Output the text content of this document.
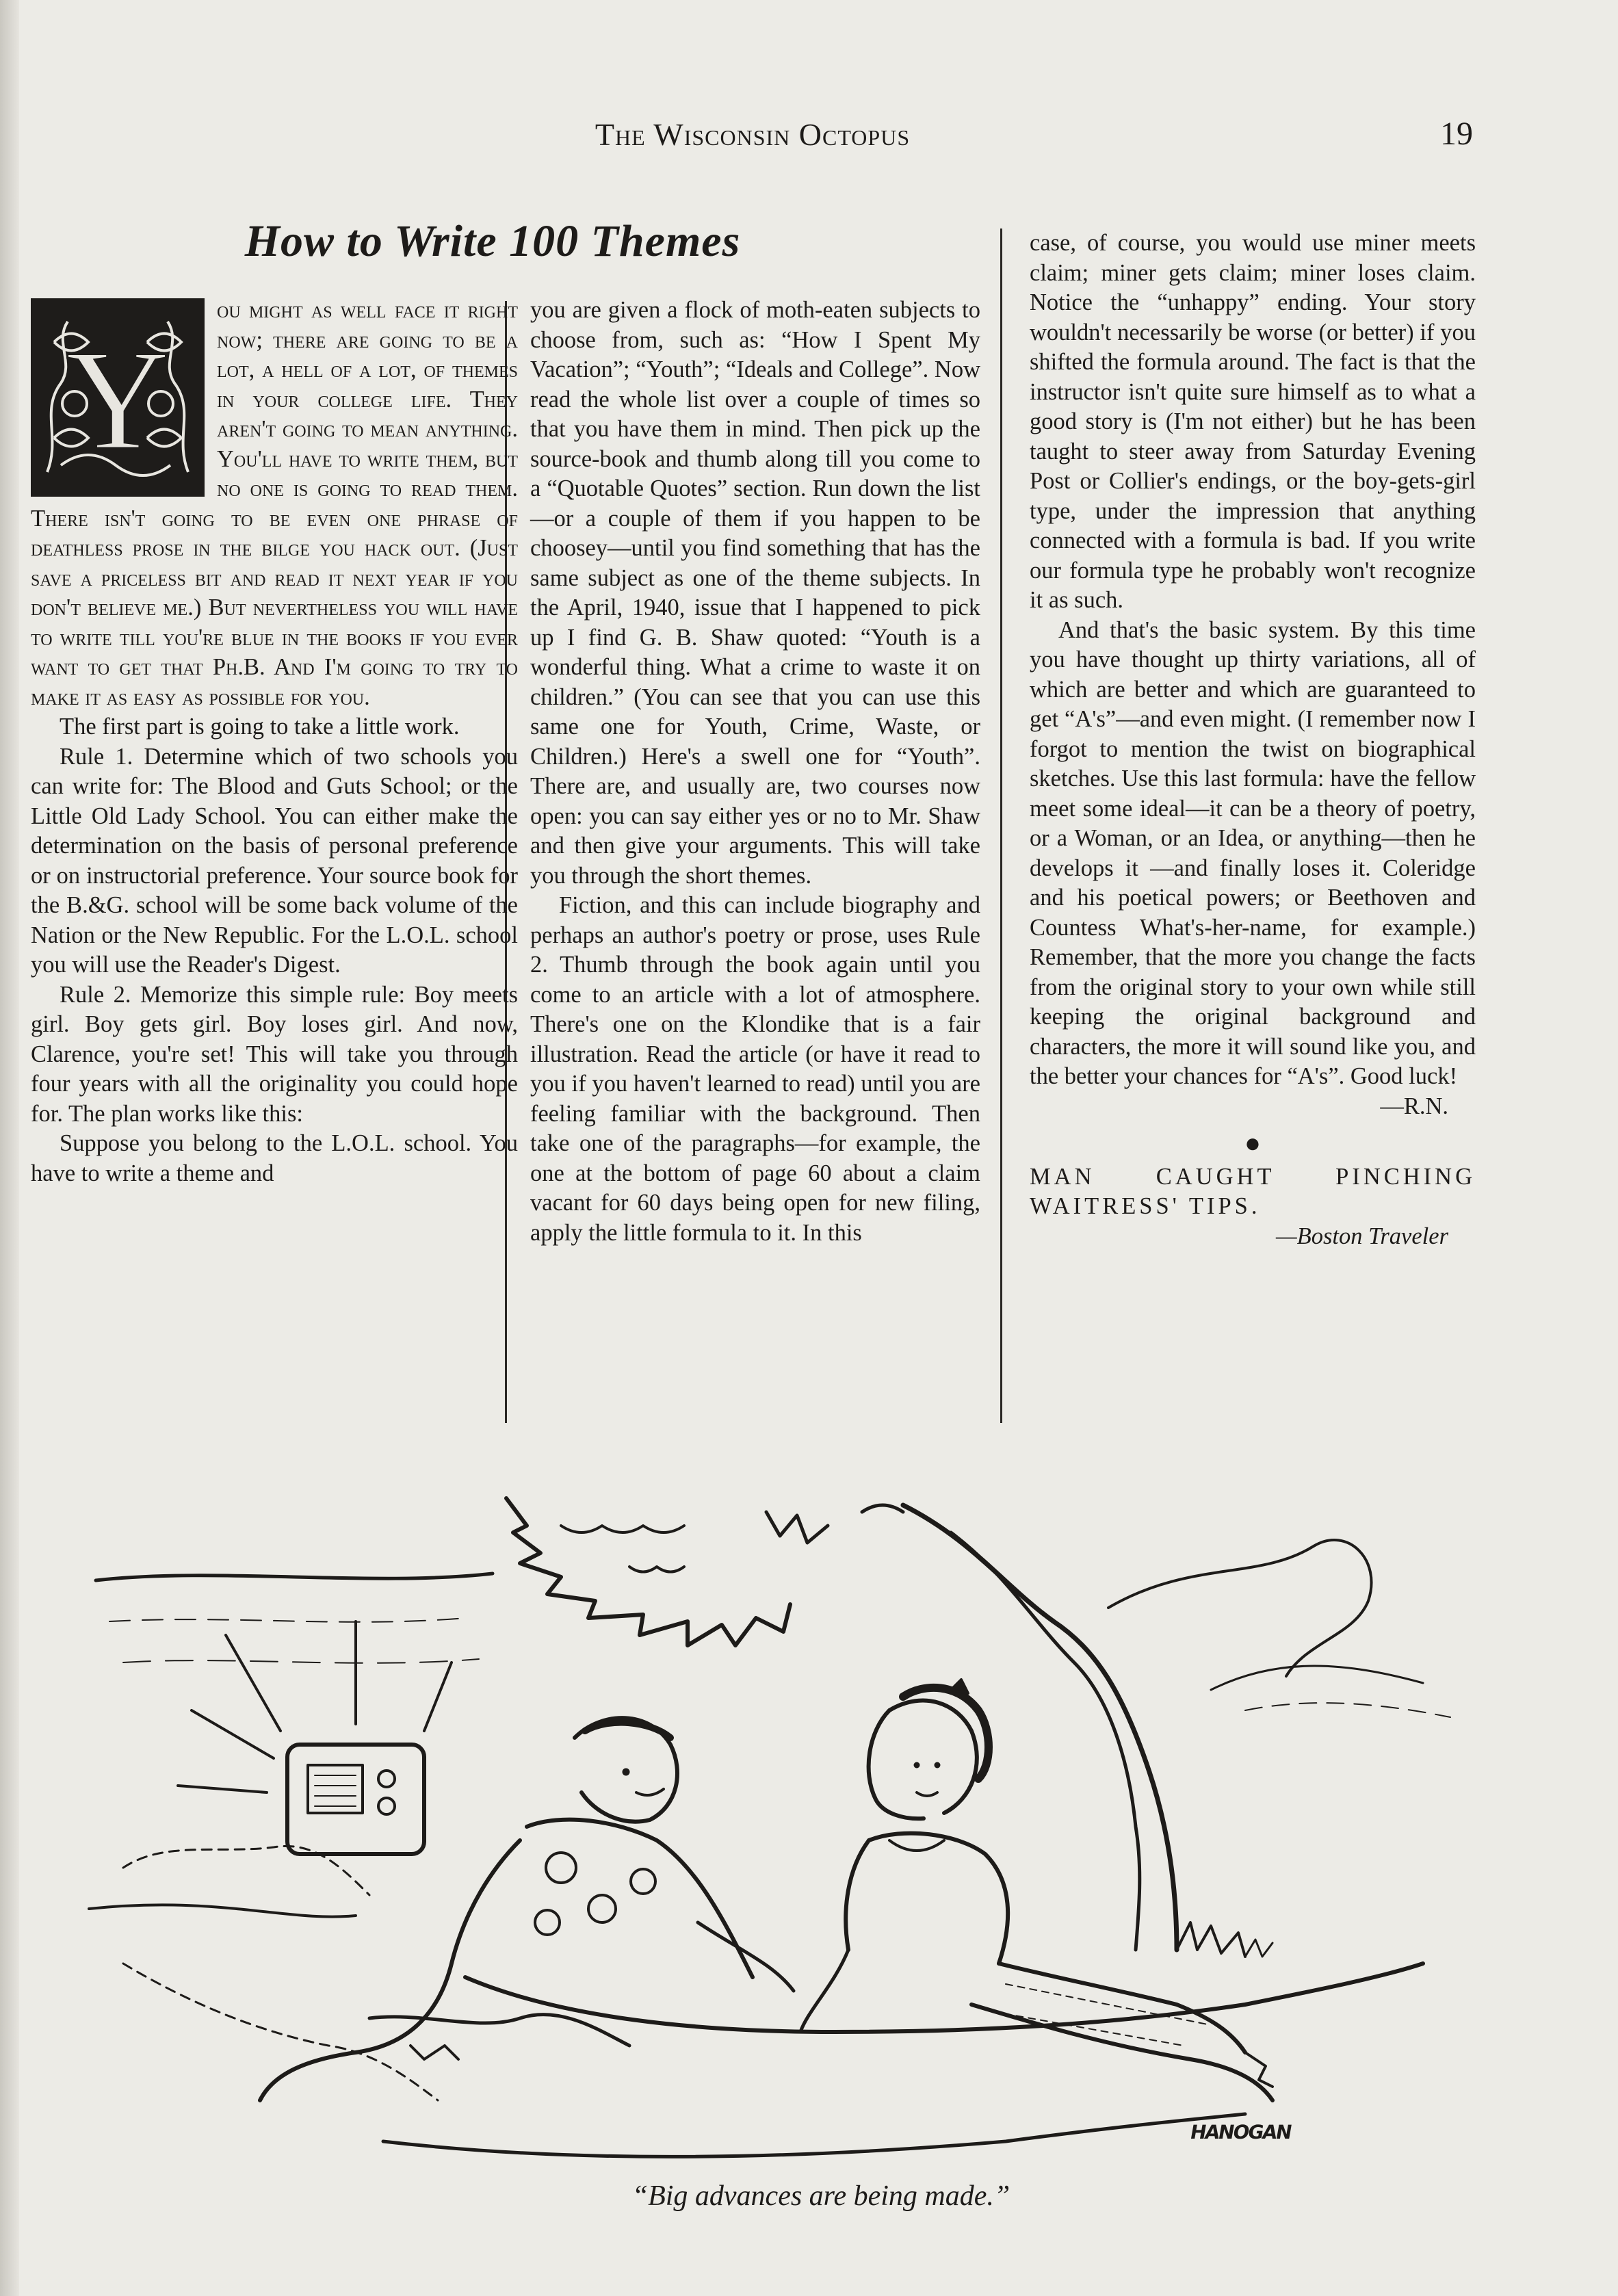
The Wisconsin Octopus	19
How to Write 100 Themes
Y

ou might as well face it right now; there are going to be a lot, a hell of a lot, of themes in your college life. They aren't going to mean anything. You'll have to write them, but no one is going to read them. There isn't going to be even one phrase of deathless prose in the bilge you hack out. (Just save a priceless bit and read it next year if you don't believe me.) But nevertheless you will have to write till you're blue in the books if you ever want to get that Ph.B. And I'm going to try to make it as easy as possible for you.

The first part is going to take a little work.

Rule 1. Determine which of two schools you can write for: The Blood and Guts School; or the Little Old Lady School. You can either make the determination on the basis of personal preference or on instructorial preference. Your source book for the B.&G. school will be some back volume of the Nation or the New Republic. For the L.O.L. school you will use the Reader's Digest.

Rule 2. Memorize this simple rule: Boy meets girl. Boy gets girl. Boy loses girl. And now, Clarence, you're set! This will take you through four years with all the originality you could hope for. The plan works like this:

Suppose you belong to the L.O.L. school. You have to write a theme and

you are given a flock of moth-eaten subjects to choose from, such as: “How I Spent My Vacation”; “Youth”; “Ideals and College”. Now read the whole list over a couple of times so that you have them in mind. Then pick up the source-book and thumb along till you come to a “Quotable Quotes” section. Run down the list—or a couple of them if you happen to be choosey—until you find something that has the same subject as one of the theme subjects. In the April, 1940, issue that I happened to pick up I find G. B. Shaw quoted: “Youth is a wonderful thing. What a crime to waste it on children.” (You can see that you can use this same one for Youth, Crime, Waste, or Children.) Here's a swell one for “Youth”. There are, and usually are, two courses now open: you can say either yes or no to Mr. Shaw and then give your arguments. This will take you through the short themes.

Fiction, and this can include biography and perhaps an author's poetry or prose, uses Rule 2. Thumb through the book again until you come to an article with a lot of atmosphere. There's one on the Klondike that is a fair illustration. Read the article (or have it read to you if you haven't learned to read) until you are feeling familiar with the background. Then take one of the paragraphs—for example, the one at the bottom of page 60 about a claim vacant for 60 days being open for new filing, apply the little formula to it. In this

case, of course, you would use miner meets claim; miner gets claim; miner loses claim. Notice the “unhappy” ending. Your story wouldn't necessarily be worse (or better) if you shifted the formula around. The fact is that the instructor isn't quite sure himself as to what a good story is (I'm not either) but he has been taught to steer away from Saturday Evening Post or Collier's endings, or the boy-gets-girl type, under the impression that anything connected with a formula is bad. If you write our formula type he probably won't recognize it as such.

And that's the basic system. By this time you have thought up thirty variations, all of which are better and which are guaranteed to get “A's”—and even might. (I remember now I forgot to mention the twist on biographical sketches. Use this last formula: have the fellow meet some ideal—it can be a theory of poetry, or a Woman, or an Idea, or anything—then he develops it —and finally loses it. Coleridge and his poetical powers; or Beethoven and Countess What's-her-name, for example.) Remember, that the more you change the facts from the original story to your own while still keeping the original background and characters, the more it will sound like you, and the better your chances for “A's”. Good luck!

—R.N.
●
MAN CAUGHT PINCHING WAITRESS' TIPS.
—Boston Traveler
HANOGAN
“Big advances are being made.”
